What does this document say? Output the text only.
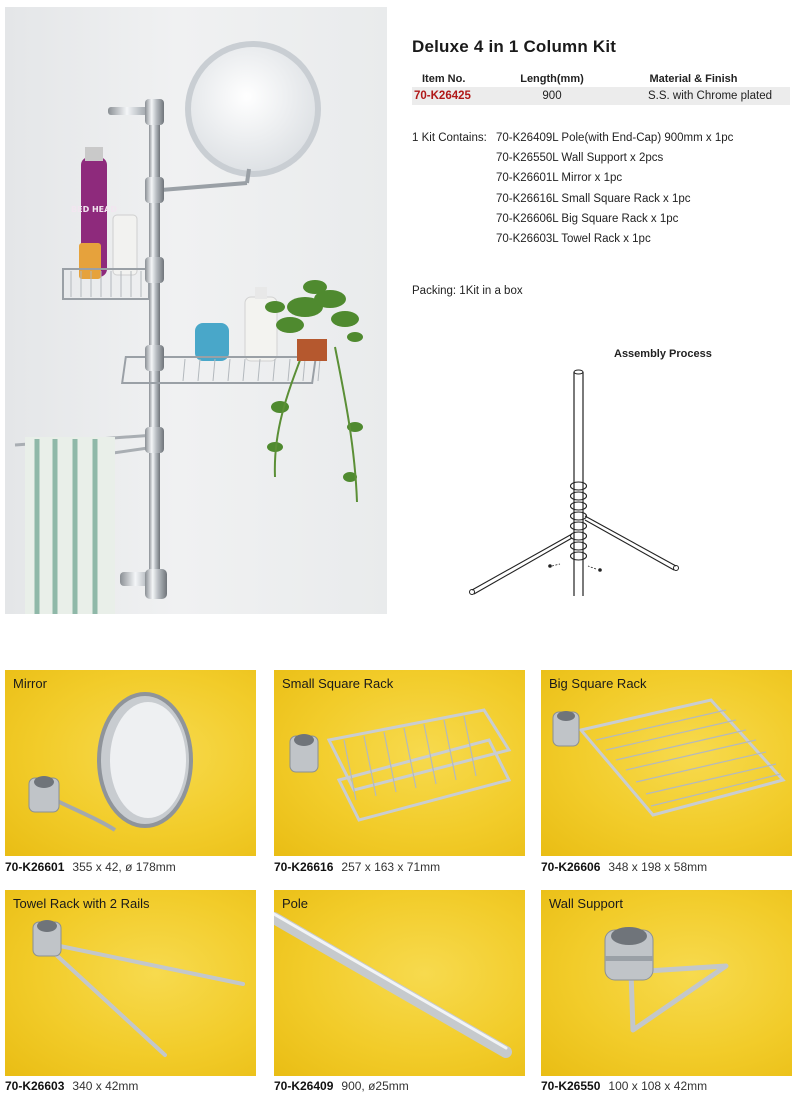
BED HEAD
Deluxe 4 in 1 Column Kit
Item No.	Length(mm)	Material & Finish
70-K26425	900	S.S. with Chrome plated
1 Kit Contains: 70-K26409L Pole(with End-Cap) 900mm x 1pc
70-K26550L Wall Support x 2pcs
70-K26601L Mirror x 1pc
70-K26616L Small Square Rack x 1pc
70-K26606L Big Square Rack x 1pc
70-K26603L Towel Rack x 1pc
Packing: 1Kit in a box
Assembly Process
Mirror
70-K26601 355 x 42, ø 178mm
Small Square Rack
70-K26616 257 x 163 x 71mm
Big Square Rack
70-K26606 348 x 198 x 58mm
Towel Rack with 2 Rails
70-K26603 340 x 42mm
Pole
70-K26409 900, ø25mm
Wall Support
70-K26550 100 x 108 x 42mm
